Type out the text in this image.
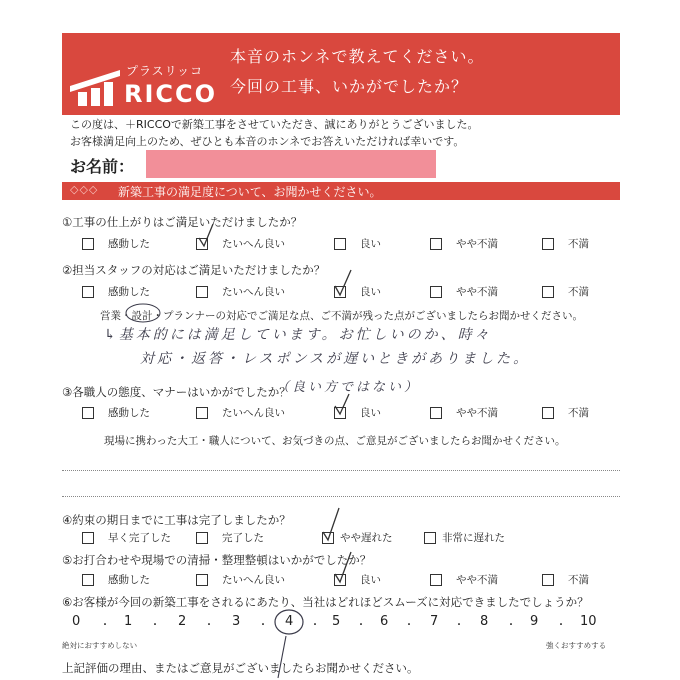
プラスリッコ
RICCO
本音のホンネで教えてください。
今回の工事、いかがでしたか？
この度は、＋RICCOで新築工事をさせていただき、誠にありがとうございました。
お客様満足向上のため、ぜひとも本音のホンネでお答えいただければ幸いです。
お名前：
◇◇◇ 新築工事の満足度について、お聞かせください。
①工事の仕上がりはご満足いただけましたか？
感動した	たいへん良い	良い	やや不満	不満
②担当スタッフの対応はご満足いただけましたか？
感動した	たいへん良い	良い	やや不満	不満
営業・設計・プランナーの対応でご満足な点、ご不満が残った点がございましたらお聞かせください。
↳基本的には満足しています。お忙しいのか、時々
対応・返答・レスポンスが遅いときがありました。
③各職人の態度、マナーはいかがでしたか？
（良い方ではない）
感動した	たいへん良い	良い	やや不満	不満
現場に携わった大工・職人について、お気づきの点、ご意見がございましたらお聞かせください。
④約束の期日までに工事は完了しましたか？
早く完了した	完了した	やや遅れた	非常に遅れた
⑤お打合わせや現場での清掃・整理整頓はいかがでしたか？
感動した	たいへん良い	良い	やや不満	不満
⑥お客様が今回の新築工事をされるにあたり、当社はどれほどスムーズに対応できましたでしょうか？
0 ・ 1 ・ 2 ・ 3 ・ 4 ・ 5 ・ 6 ・ 7 ・ 8 ・ 9 ・ 10
絶対におすすめしない	強くおすすめする
上記評価の理由、またはご意見がございましたらお聞かせください。
